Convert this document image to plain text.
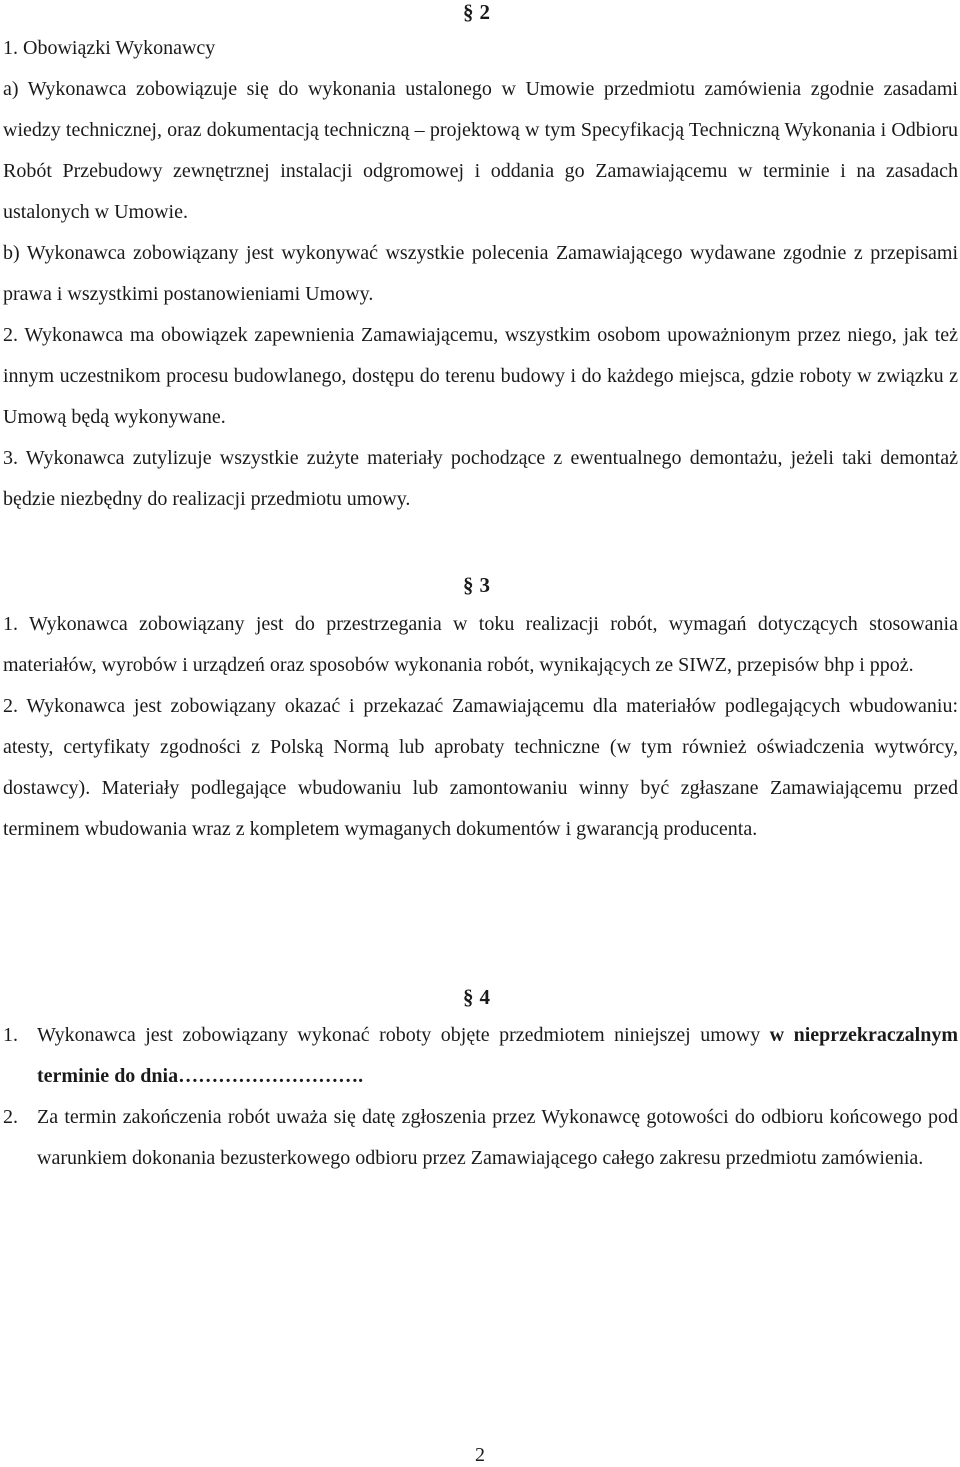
§ 2

1. Obowiązki Wykonawcy

a) Wykonawca zobowiązuje się do wykonania ustalonego w Umowie przedmiotu zamówienia zgodnie zasadami wiedzy technicznej, oraz dokumentacją techniczną – projektową w tym Specyfikacją Techniczną Wykonania i Odbioru Robót Przebudowy zewnętrznej instalacji odgromowej i oddania go Zamawiającemu w terminie i na zasadach ustalonych w Umowie.

b) Wykonawca zobowiązany jest wykonywać wszystkie polecenia Zamawiającego wydawane zgodnie z przepisami prawa i wszystkimi postanowieniami Umowy.

2. Wykonawca ma obowiązek zapewnienia Zamawiającemu, wszystkim osobom upoważnionym przez niego, jak też innym uczestnikom procesu budowlanego, dostępu do terenu budowy i do każdego miejsca, gdzie roboty w związku z Umową będą wykonywane.

3. Wykonawca zutylizuje wszystkie zużyte materiały pochodzące z ewentualnego demontażu, jeżeli taki demontaż będzie niezbędny do realizacji przedmiotu umowy.

§ 3

1. Wykonawca zobowiązany jest do przestrzegania w toku realizacji robót, wymagań dotyczących stosowania materiałów, wyrobów i urządzeń oraz sposobów wykonania robót, wynikających ze SIWZ, przepisów bhp i ppoż.

2. Wykonawca jest zobowiązany okazać i przekazać Zamawiającemu dla materiałów podlegających wbudowaniu: atesty, certyfikaty zgodności z Polską Normą lub aprobaty techniczne (w tym również oświadczenia wytwórcy, dostawcy). Materiały podlegające wbudowaniu lub zamontowaniu winny być zgłaszane Zamawiającemu przed terminem wbudowania wraz z kompletem wymaganych dokumentów i gwarancją producenta.

§ 4
1. Wykonawca jest zobowiązany wykonać roboty objęte przedmiotem niniejszej umowy w nieprzekraczalnym terminie do dnia……………………….
2. Za termin zakończenia robót uważa się datę zgłoszenia przez Wykonawcę gotowości do odbioru końcowego pod warunkiem dokonania bezusterkowego odbioru przez Zamawiającego całego zakresu przedmiotu zamówienia.
2
